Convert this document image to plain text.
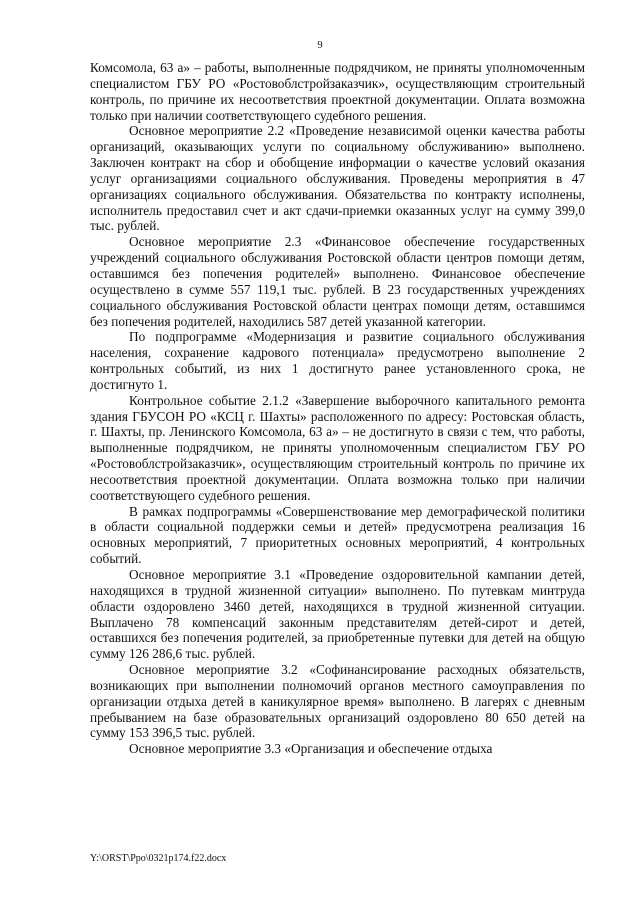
9

Комсомола, 63 а» – работы, выполненные подрядчиком, не приняты уполномоченным специалистом ГБУ РО «Ростовоблстройзаказчик», осуществляющим строительный контроль, по причине их несоответствия проектной документации. Оплата возможна только при наличии соответствующего судебного решения.

Основное мероприятие 2.2 «Проведение независимой оценки качества работы организаций, оказывающих услуги по социальному обслуживанию» выполнено. Заключен контракт на сбор и обобщение информации о качестве условий оказания услуг организациями социального обслуживания. Проведены мероприятия в 47 организациях социального обслуживания. Обязательства по контракту исполнены, исполнитель предоставил счет и акт сдачи-приемки оказанных услуг на сумму 399,0 тыс. рублей.

Основное мероприятие 2.3 «Финансовое обеспечение государственных учреждений социального обслуживания Ростовской области центров помощи детям, оставшимся без попечения родителей» выполнено. Финансовое обеспечение осуществлено в сумме 557 119,1 тыс. рублей. В 23 государственных учреждениях социального обслуживания Ростовской области центрах помощи детям, оставшимся без попечения родителей, находились 587 детей указанной категории.

По подпрограмме «Модернизация и развитие социального обслуживания населения, сохранение кадрового потенциала» предусмотрено выполнение 2 контрольных событий, из них 1 достигнуто ранее установленного срока, не достигнуто 1.

Контрольное событие 2.1.2 «Завершение выборочного капитального ремонта здания ГБУСОН РО «КСЦ г. Шахты» расположенного по адресу: Ростовская область, г. Шахты, пр. Ленинского Комсомола, 63 а» – не достигнуто в связи с тем, что работы, выполненные подрядчиком, не приняты уполномоченным специалистом ГБУ РО «Ростовоблстройзаказчик», осуществляющим строительный контроль по причине их несоответствия проектной документации. Оплата возможна только при наличии соответствующего судебного решения.

В рамках подпрограммы «Совершенствование мер демографической политики в области социальной поддержки семьи и детей» предусмотрена реализация 16 основных мероприятий, 7 приоритетных основных мероприятий, 4 контрольных событий.

Основное мероприятие 3.1 «Проведение оздоровительной кампании детей, находящихся в трудной жизненной ситуации» выполнено. По путевкам минтруда области оздоровлено 3460 детей, находящихся в трудной жизненной ситуации. Выплачено 78 компенсаций законным представителям детей-сирот и детей, оставшихся без попечения родителей, за приобретенные путевки для детей на общую сумму 126 286,6 тыс. рублей.

Основное мероприятие 3.2 «Софинансирование расходных обязательств, возникающих при выполнении полномочий органов местного самоуправления по организации отдыха детей в каникулярное время» выполнено. В лагерях с дневным пребыванием на базе образовательных организаций оздоровлено 80 650 детей на сумму 153 396,5 тыс. рублей.

Основное мероприятие 3.3 «Организация и обеспечение отдыха

Y:\ORST\Ppo\0321p174.f22.docx
